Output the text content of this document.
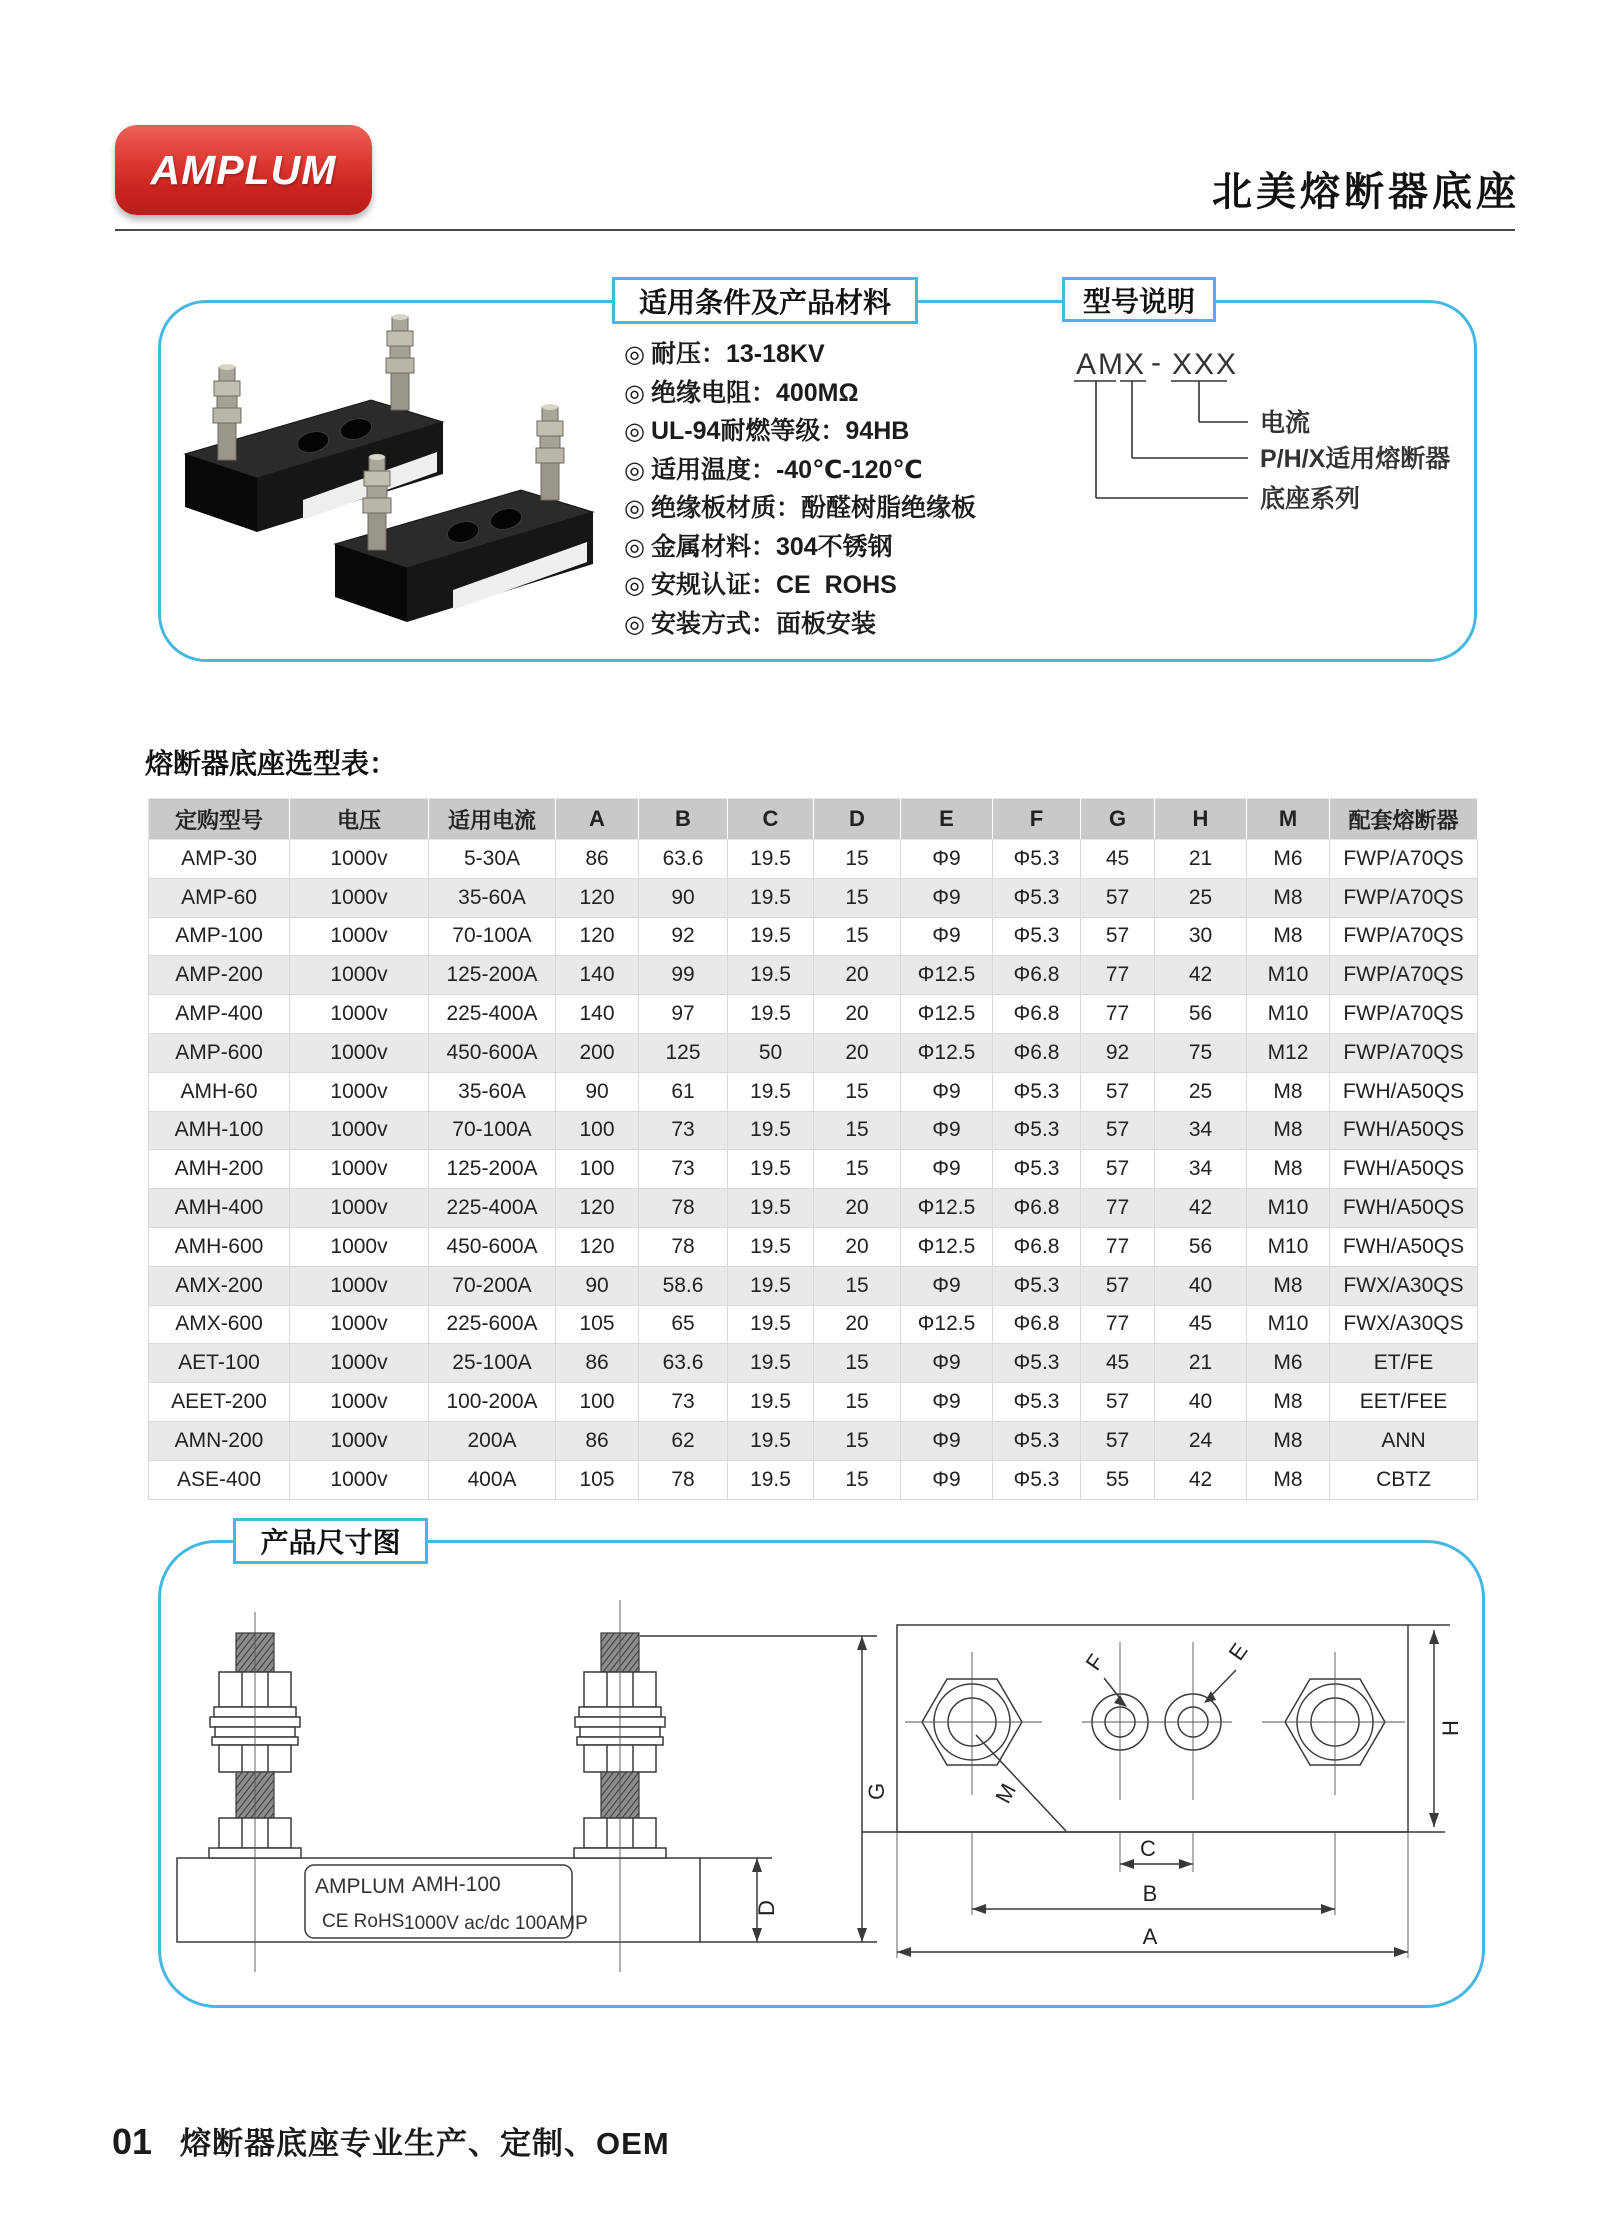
AMPLUM	北美熔断器底座
适用条件及产品材料	型号说明
◎ 耐压：13-18KV
◎ 绝缘电阻：400MΩ
◎ UL-94耐燃等级：94HB
◎ 适用温度：-40℃-120℃
◎ 绝缘板材质：酚醛树脂绝缘板
◎ 金属材料：304不锈钢
◎ 安规认证：CE  ROHS
◎ 安装方式：面板安装
AM X - XXX
电流
P/H/X适用熔断器
底座系列
熔断器底座选型表：
定购型号	电压	适用电流	A	B	C	D	E	F	G	H	M	配套熔断器
AMP-30	1000v	5-30A	86	63.6	19.5	15	Φ9	Φ5.3	45	21	M6	FWP/A70QS
AMP-60	1000v	35-60A	120	90	19.5	15	Φ9	Φ5.3	57	25	M8	FWP/A70QS
AMP-100	1000v	70-100A	120	92	19.5	15	Φ9	Φ5.3	57	30	M8	FWP/A70QS
AMP-200	1000v	125-200A	140	99	19.5	20	Φ12.5	Φ6.8	77	42	M10	FWP/A70QS
AMP-400	1000v	225-400A	140	97	19.5	20	Φ12.5	Φ6.8	77	56	M10	FWP/A70QS
AMP-600	1000v	450-600A	200	125	50	20	Φ12.5	Φ6.8	92	75	M12	FWP/A70QS
AMH-60	1000v	35-60A	90	61	19.5	15	Φ9	Φ5.3	57	25	M8	FWH/A50QS
AMH-100	1000v	70-100A	100	73	19.5	15	Φ9	Φ5.3	57	34	M8	FWH/A50QS
AMH-200	1000v	125-200A	100	73	19.5	15	Φ9	Φ5.3	57	34	M8	FWH/A50QS
AMH-400	1000v	225-400A	120	78	19.5	20	Φ12.5	Φ6.8	77	42	M10	FWH/A50QS
AMH-600	1000v	450-600A	120	78	19.5	20	Φ12.5	Φ6.8	77	56	M10	FWH/A50QS
AMX-200	1000v	70-200A	90	58.6	19.5	15	Φ9	Φ5.3	57	40	M8	FWX/A30QS
AMX-600	1000v	225-600A	105	65	19.5	20	Φ12.5	Φ6.8	77	45	M10	FWX/A30QS
AET-100	1000v	25-100A	86	63.6	19.5	15	Φ9	Φ5.3	45	21	M6	ET/FE
AEET-200	1000v	100-200A	100	73	19.5	15	Φ9	Φ5.3	57	40	M8	EET/FEE
AMN-200	1000v	200A	86	62	19.5	15	Φ9	Φ5.3	57	24	M8	ANN
ASE-400	1000v	400A	105	78	19.5	15	Φ9	Φ5.3	55	42	M8	CBTZ
产品尺寸图
AMPLUM AMH-100
CE RoHS 1000V ac/dc 100AMP
D
G
F	E
M
H
C
B
A
01 熔断器底座专业生产、定制、OEM
